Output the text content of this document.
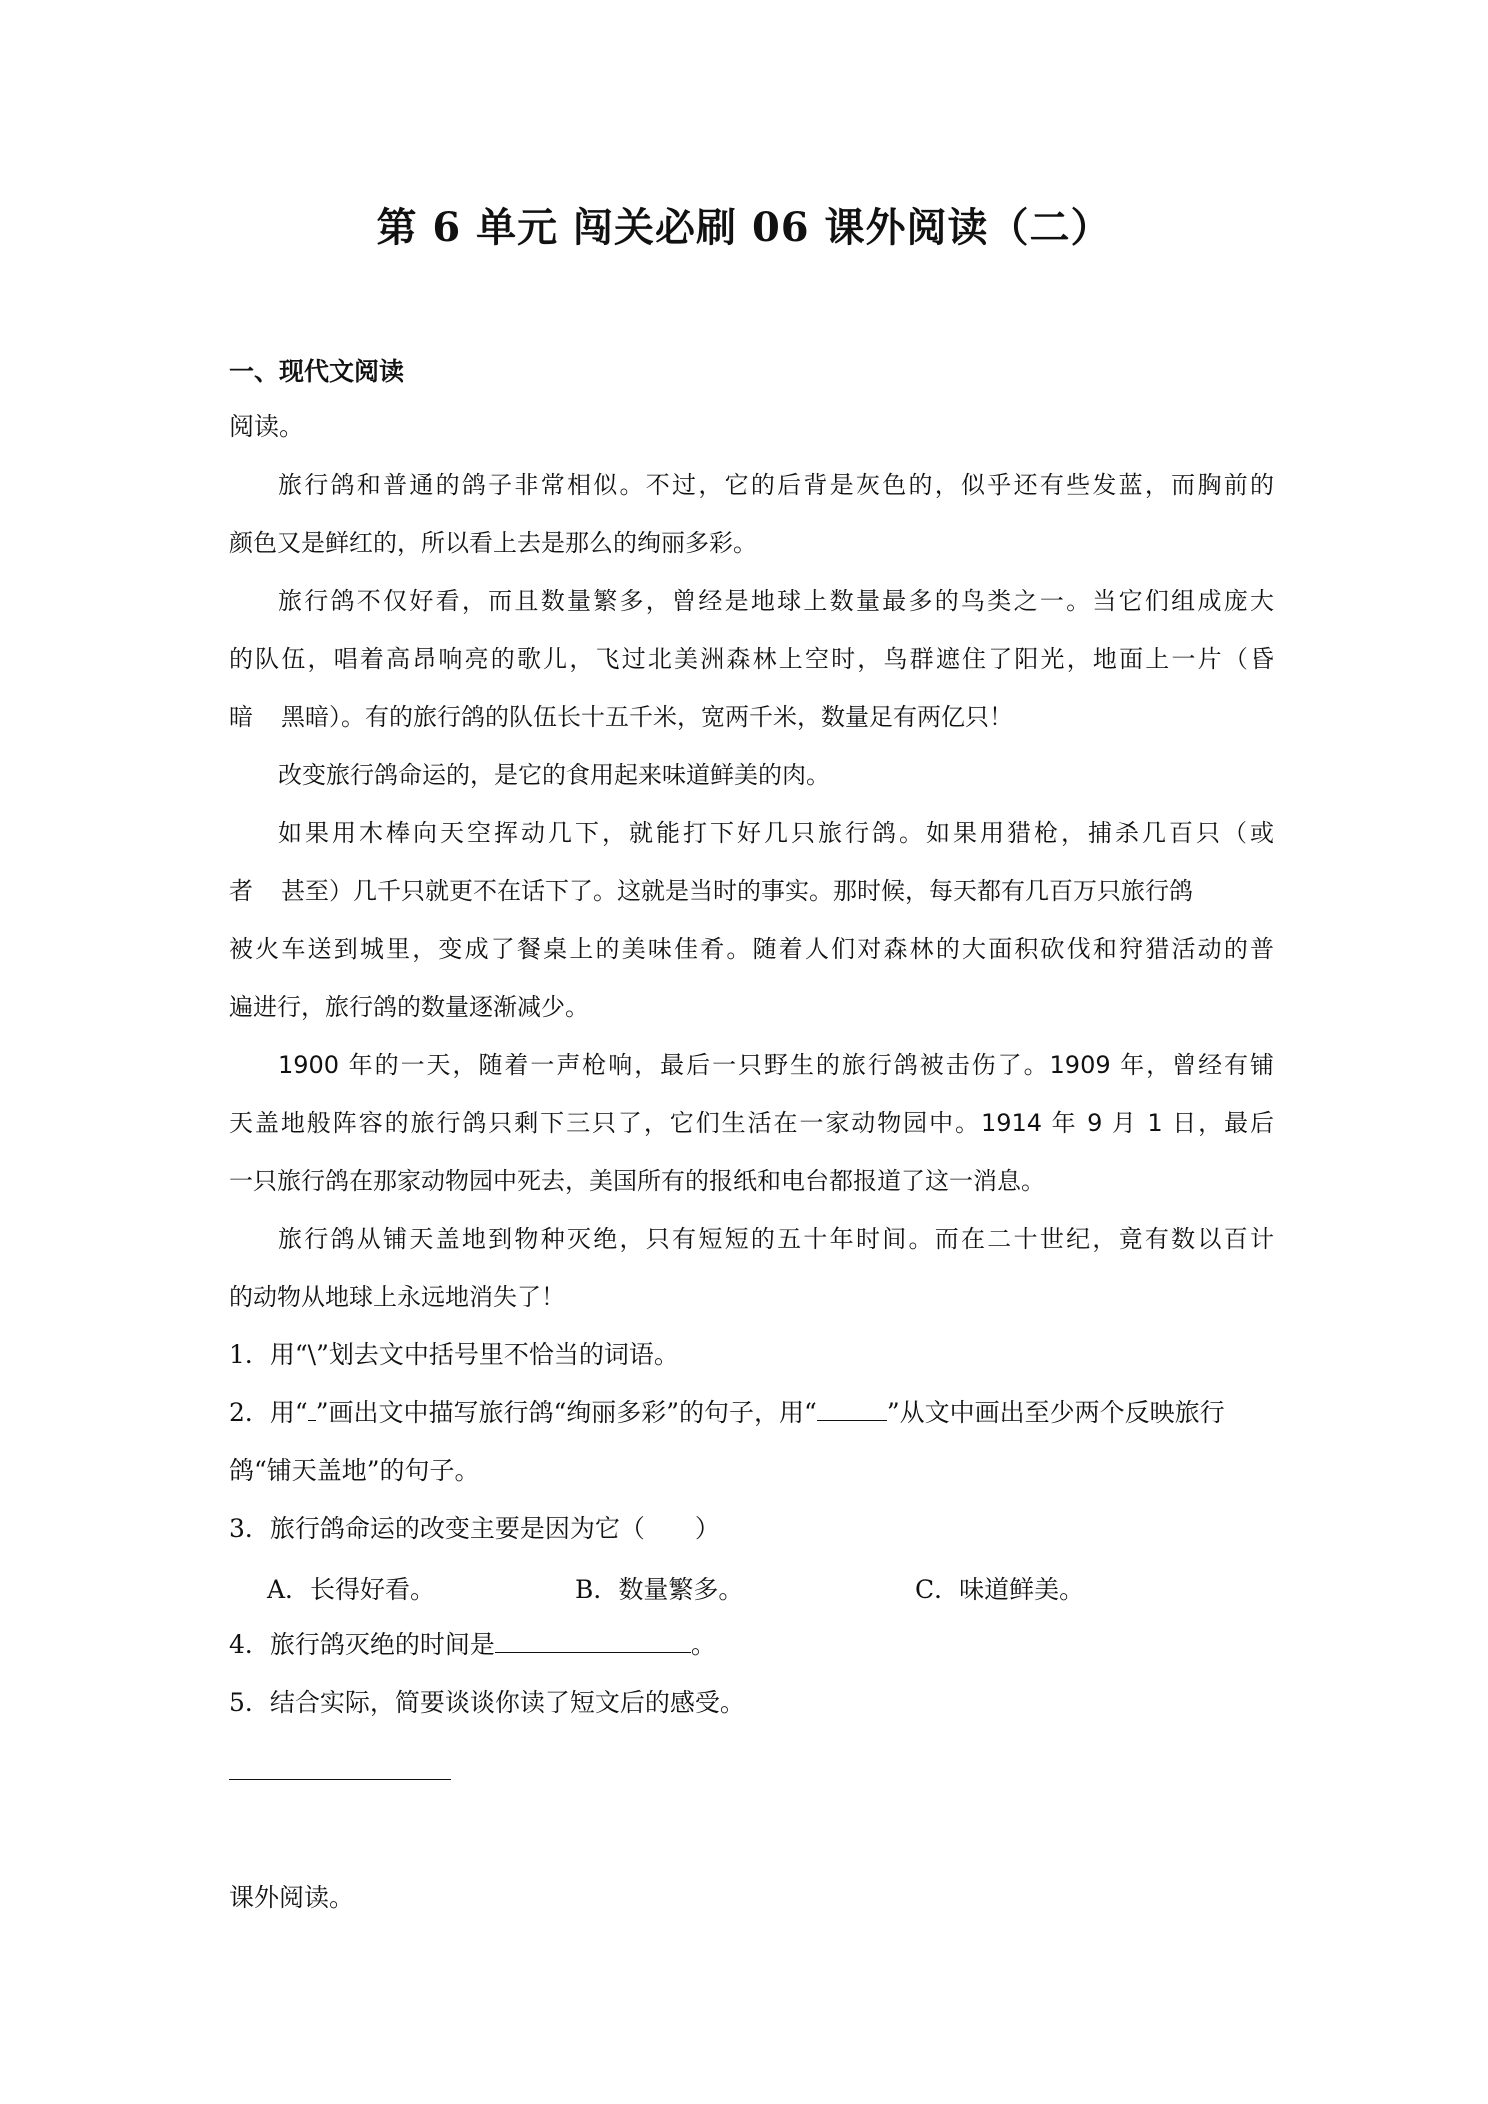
第 6 单元 闯关必刷 06 课外阅读（二）
一、现代文阅读
阅读。
旅行鸽和普通的鸽子非常相似。不过，它的后背是灰色的，似乎还有些发蓝，而胸前的
颜色又是鲜红的，所以看上去是那么的绚丽多彩。
旅行鸽不仅好看，而且数量繁多，曾经是地球上数量最多的鸟类之一。当它们组成庞大
的队伍，唱着高昂响亮的歌儿，飞过北美洲森林上空时，鸟群遮住了阳光，地面上一片（昏
暗 黑暗）。有的旅行鸽的队伍长十五千米，宽两千米，数量足有两亿只！
改变旅行鸽命运的，是它的食用起来味道鲜美的肉。
如果用木棒向天空挥动几下，就能打下好几只旅行鸽。如果用猎枪，捕杀几百只（或
者 甚至）几千只就更不在话下了。这就是当时的事实。那时候，每天都有几百万只旅行鸽
被火车送到城里，变成了餐桌上的美味佳肴。随着人们对森林的大面积砍伐和狩猎活动的普
遍进行，旅行鸽的数量逐渐减少。
1900 年的一天，随着一声枪响，最后一只野生的旅行鸽被击伤了。1909 年，曾经有铺
天盖地般阵容的旅行鸽只剩下三只了，它们生活在一家动物园中。1914 年 9 月 1 日，最后
一只旅行鸽在那家动物园中死去，美国所有的报纸和电台都报道了这一消息。
旅行鸽从铺天盖地到物种灭绝，只有短短的五十年时间。而在二十世纪，竟有数以百计
的动物从地球上永远地消失了！
1．用“\”划去文中括号里不恰当的词语。
2．用“ ”画出文中描写旅行鸽“绚丽多彩”的句子，用“	”从文中画出至少两个反映旅行
鸽“铺天盖地”的句子。
3．旅行鸽命运的改变主要是因为它（　　）
A．长得好看。	B．数量繁多。	C．味道鲜美。
4．旅行鸽灭绝的时间是	。
5．结合实际，简要谈谈你读了短文后的感受。
课外阅读。
